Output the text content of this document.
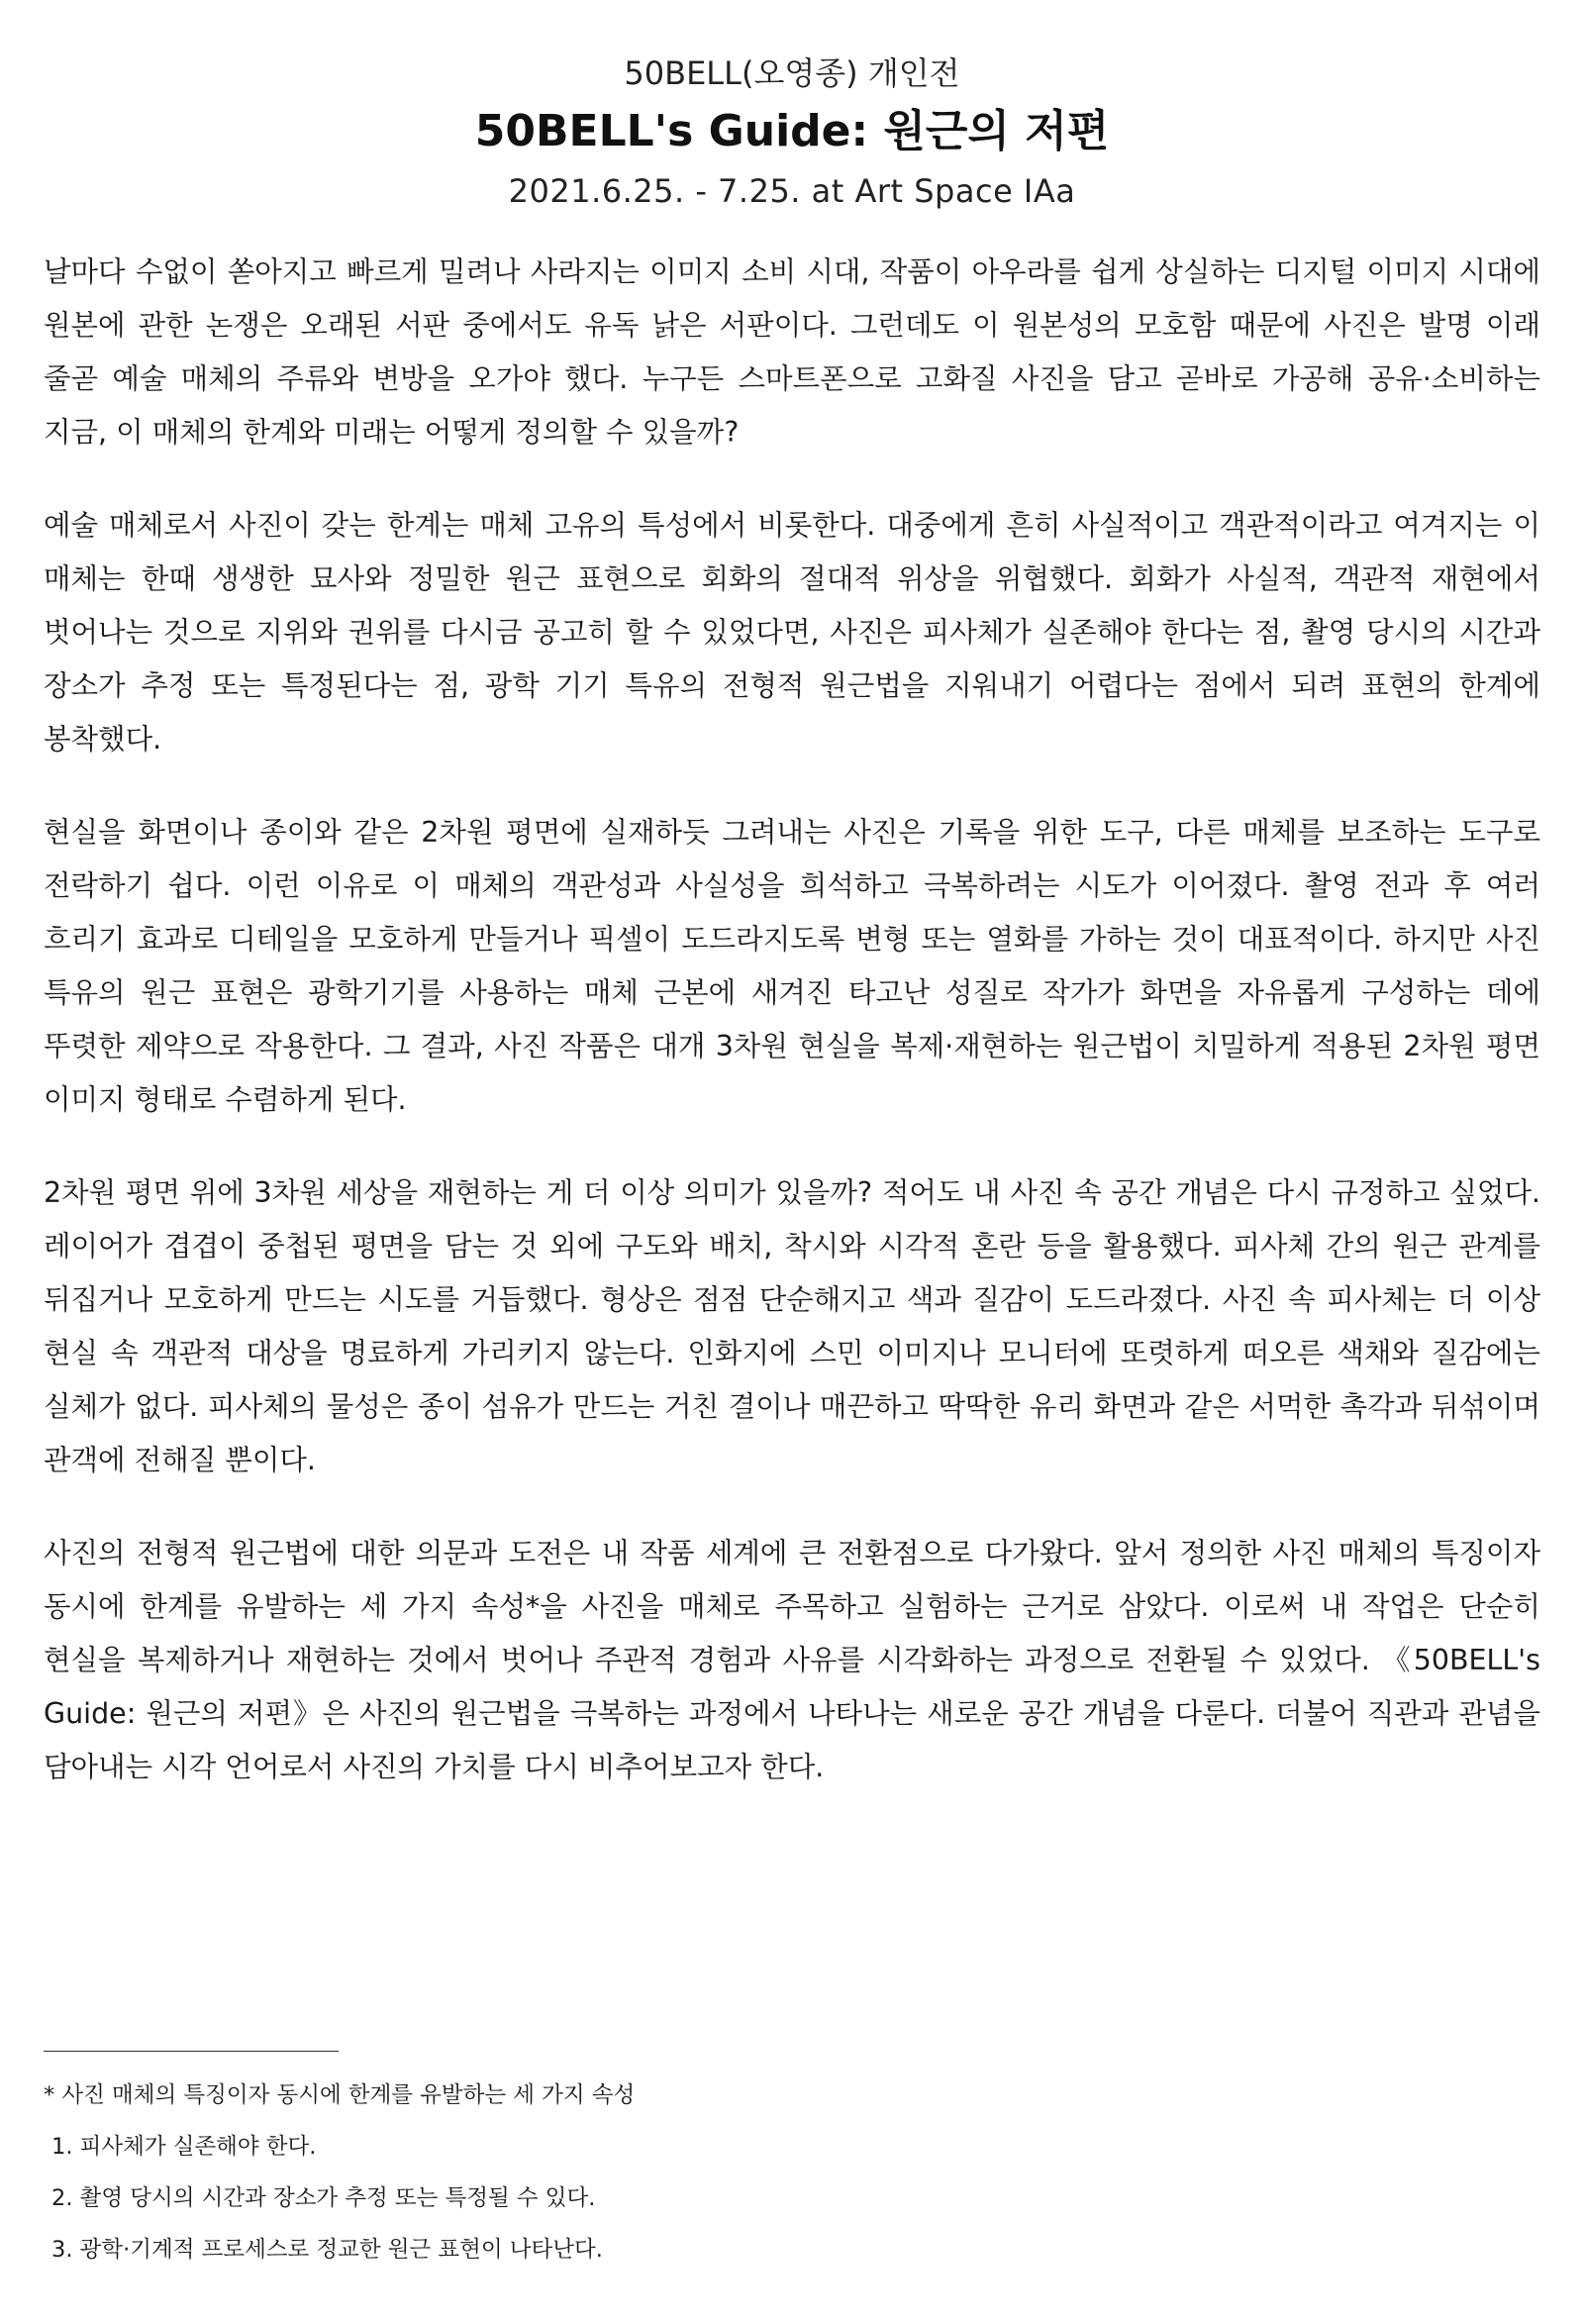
50BELL(오영종) 개인전
50BELL's Guide: 원근의 저편
2021.6.25. - 7.25. at Art Space IAa

날마다 수없이 쏟아지고 빠르게 밀려나 사라지는 이미지 소비 시대, 작품이 아우라를 쉽게 상실하는 디지털 이미지 시대에 원본에 관한 논쟁은 오래된 서판 중에서도 유독 낡은 서판이다. 그런데도 이 원본성의 모호함 때문에 사진은 발명 이래 줄곧 예술 매체의 주류와 변방을 오가야 했다. 누구든 스마트폰으로 고화질 사진을 담고 곧바로 가공해 공유·소비하는 지금, 이 매체의 한계와 미래는 어떻게 정의할 수 있을까?

예술 매체로서 사진이 갖는 한계는 매체 고유의 특성에서 비롯한다. 대중에게 흔히 사실적이고 객관적이라고 여겨지는 이 매체는 한때 생생한 묘사와 정밀한 원근 표현으로 회화의 절대적 위상을 위협했다. 회화가 사실적, 객관적 재현에서 벗어나는 것으로 지위와 권위를 다시금 공고히 할 수 있었다면, 사진은 피사체가 실존해야 한다는 점, 촬영 당시의 시간과 장소가 추정 또는 특정된다는 점, 광학 기기 특유의 전형적 원근법을 지워내기 어렵다는 점에서 되려 표현의 한계에 봉착했다.

현실을 화면이나 종이와 같은 2차원 평면에 실재하듯 그려내는 사진은 기록을 위한 도구, 다른 매체를 보조하는 도구로 전락하기 쉽다. 이런 이유로 이 매체의 객관성과 사실성을 희석하고 극복하려는 시도가 이어졌다. 촬영 전과 후 여러 흐리기 효과로 디테일을 모호하게 만들거나 픽셀이 도드라지도록 변형 또는 열화를 가하는 것이 대표적이다. 하지만 사진 특유의 원근 표현은 광학기기를 사용하는 매체 근본에 새겨진 타고난 성질로 작가가 화면을 자유롭게 구성하는 데에 뚜렷한 제약으로 작용한다. 그 결과, 사진 작품은 대개 3차원 현실을 복제·재현하는 원근법이 치밀하게 적용된 2차원 평면 이미지 형태로 수렴하게 된다.

2차원 평면 위에 3차원 세상을 재현하는 게 더 이상 의미가 있을까? 적어도 내 사진 속 공간 개념은 다시 규정하고 싶었다. 레이어가 겹겹이 중첩된 평면을 담는 것 외에 구도와 배치, 착시와 시각적 혼란 등을 활용했다. 피사체 간의 원근 관계를 뒤집거나 모호하게 만드는 시도를 거듭했다. 형상은 점점 단순해지고 색과 질감이 도드라졌다. 사진 속 피사체는 더 이상 현실 속 객관적 대상을 명료하게 가리키지 않는다. 인화지에 스민 이미지나 모니터에 또렷하게 떠오른 색채와 질감에는 실체가 없다. 피사체의 물성은 종이 섬유가 만드는 거친 결이나 매끈하고 딱딱한 유리 화면과 같은 서먹한 촉각과 뒤섞이며 관객에 전해질 뿐이다.

사진의 전형적 원근법에 대한 의문과 도전은 내 작품 세계에 큰 전환점으로 다가왔다. 앞서 정의한 사진 매체의 특징이자 동시에 한계를 유발하는 세 가지 속성*을 사진을 매체로 주목하고 실험하는 근거로 삼았다. 이로써 내 작업은 단순히 현실을 복제하거나 재현하는 것에서 벗어나 주관적 경험과 사유를 시각화하는 과정으로 전환될 수 있었다. 《50BELL's Guide: 원근의 저편》은 사진의 원근법을 극복하는 과정에서 나타나는 새로운 공간 개념을 다룬다. 더불어 직관과 관념을 담아내는 시각 언어로서 사진의 가치를 다시 비추어보고자 한다.

* 사진 매체의 특징이자 동시에 한계를 유발하는 세 가지 속성
1. 피사체가 실존해야 한다.
2. 촬영 당시의 시간과 장소가 추정 또는 특정될 수 있다.
3. 광학·기계적 프로세스로 정교한 원근 표현이 나타난다.
